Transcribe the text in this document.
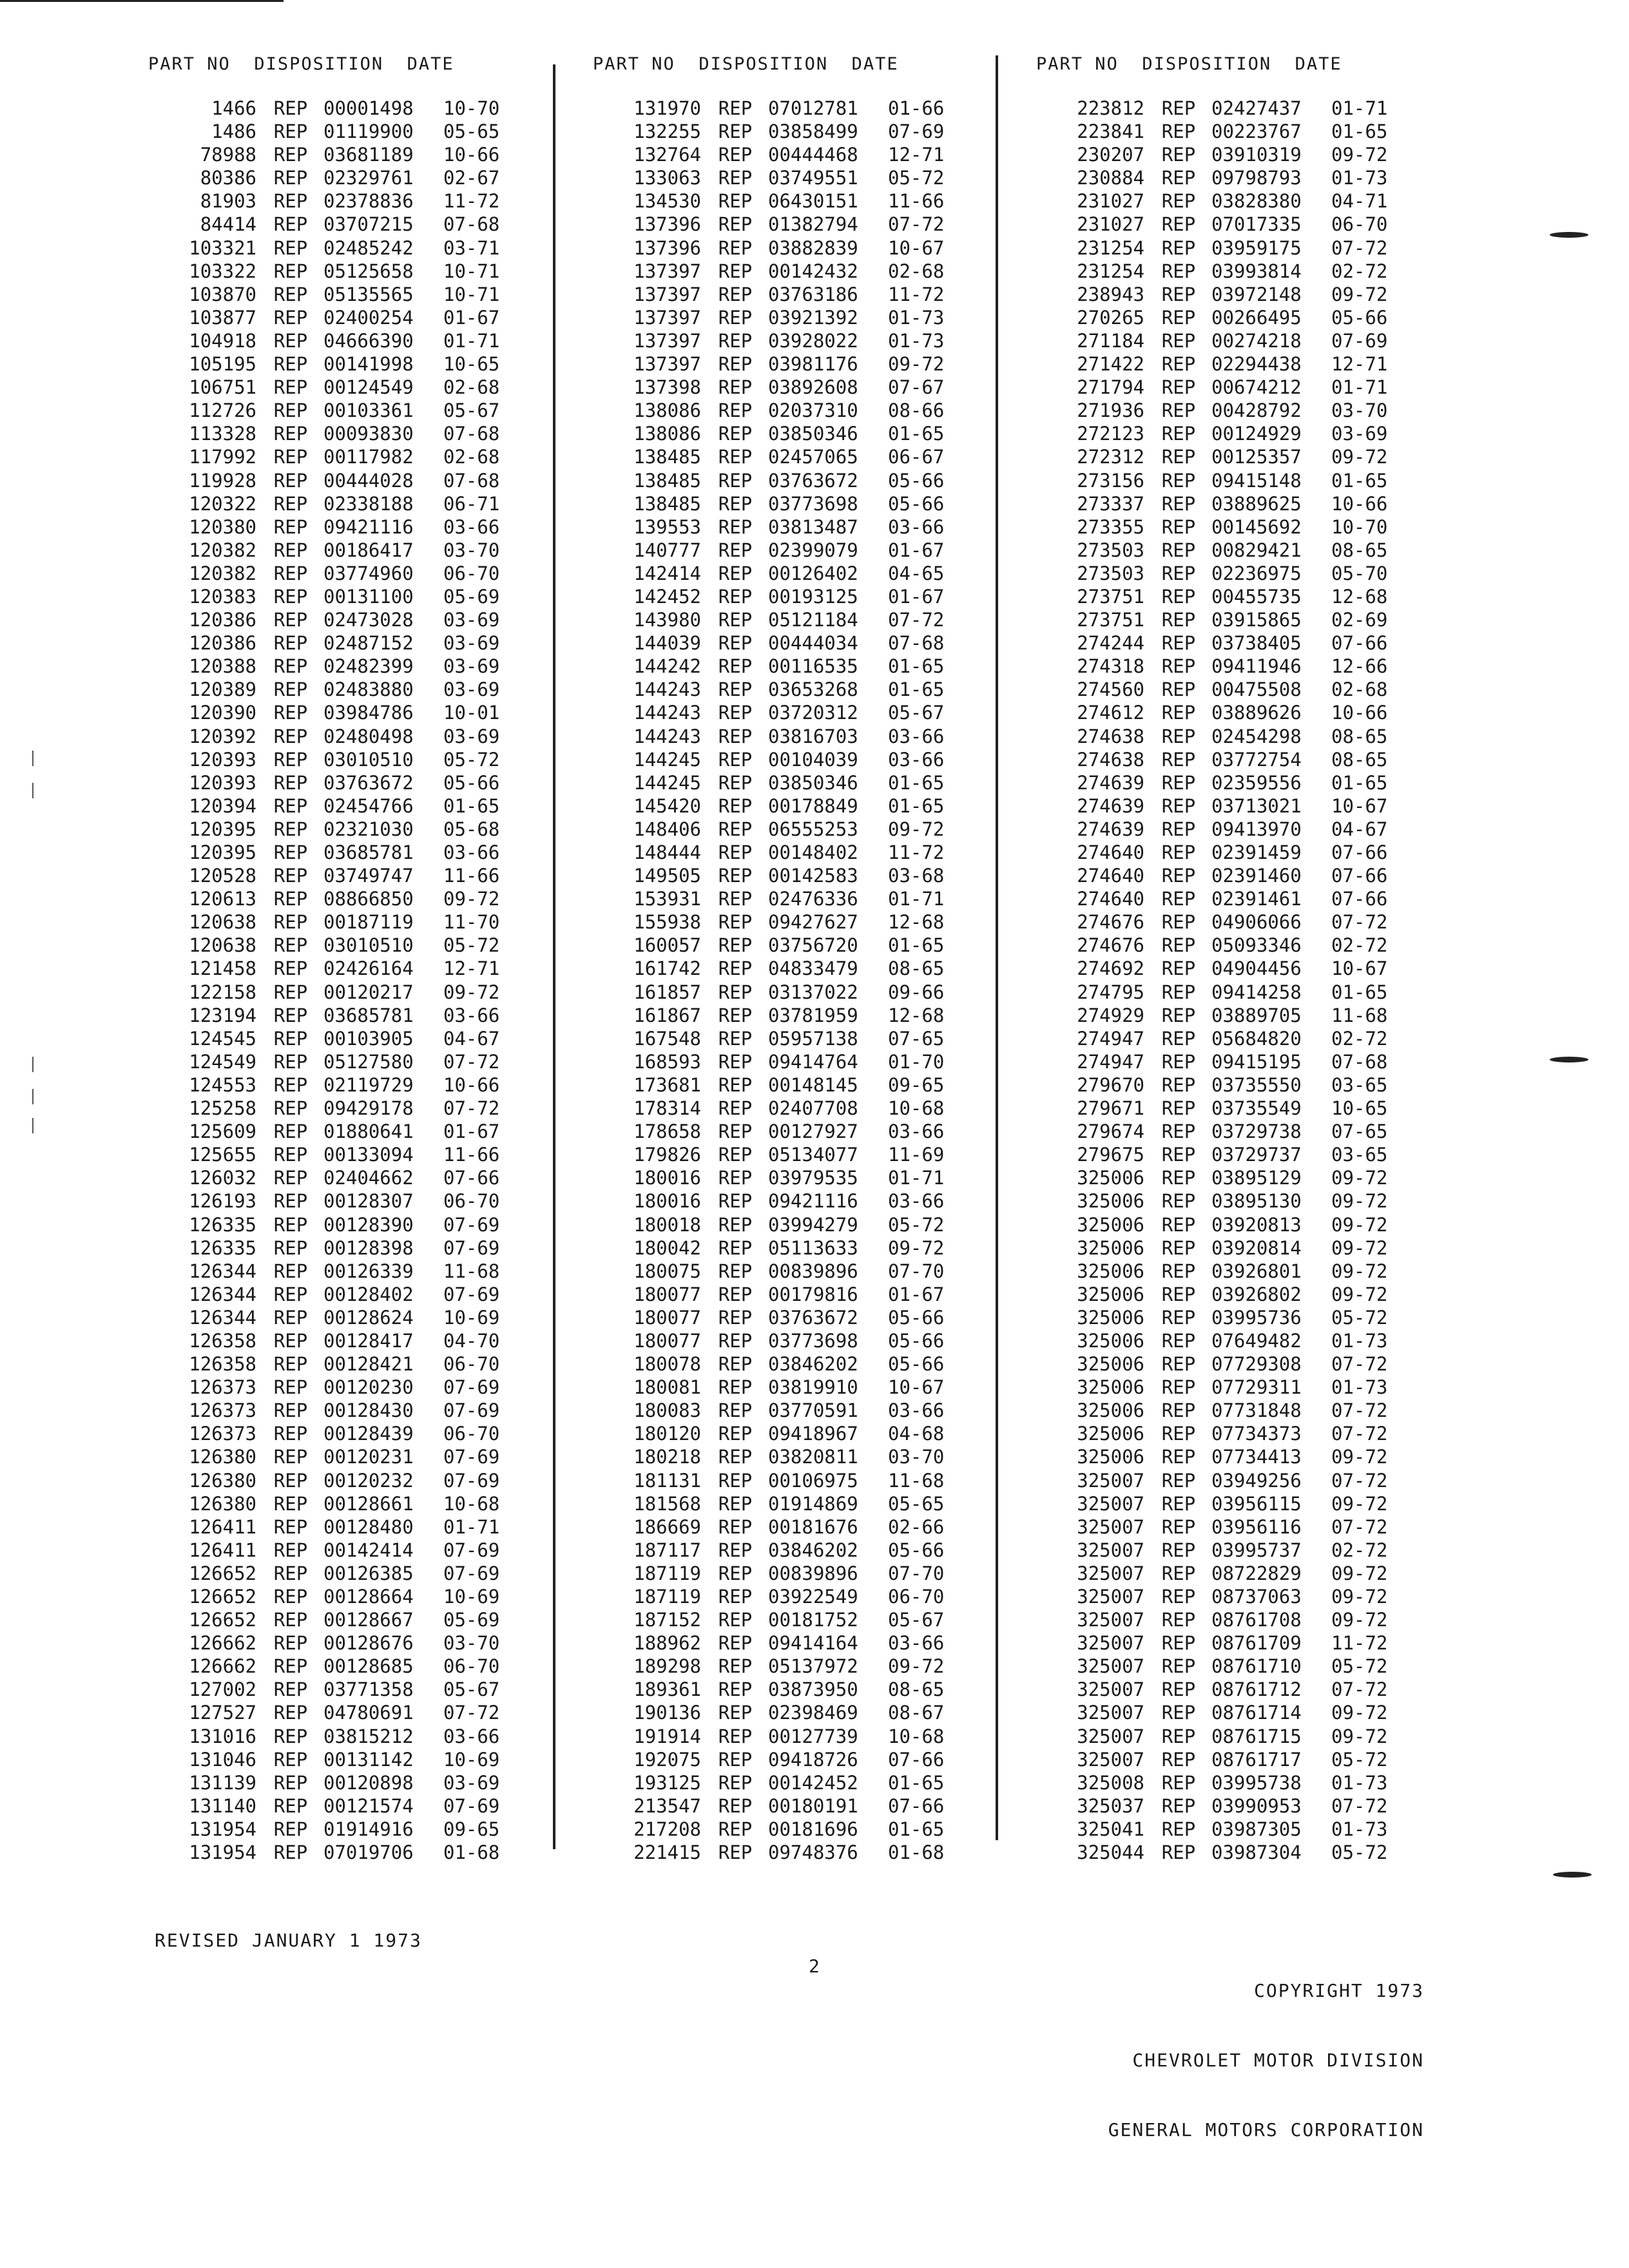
PART NO DISPOSITION DATE
1466 REP 00001498	10-70
1486 REP 01119900	05-65
78988 REP 03681189	10-66
80386 REP 02329761	02-67
81903 REP 02378836	11-72
84414 REP 03707215	07-68
103321 REP 02485242	03-71
103322 REP 05125658	10-71
103870 REP 05135565	10-71
103877 REP 02400254	01-67
104918 REP 04666390	01-71
105195 REP 00141998	10-65
106751 REP 00124549	02-68
112726 REP 00103361	05-67
113328 REP 00093830	07-68
117992 REP 00117982	02-68
119928 REP 00444028	07-68
120322 REP 02338188	06-71
120380 REP 09421116	03-66
120382 REP 00186417	03-70
120382 REP 03774960	06-70
120383 REP 00131100	05-69
120386 REP 02473028	03-69
120386 REP 02487152	03-69
120388 REP 02482399	03-69
120389 REP 02483880	03-69
120390 REP 03984786	10-01
120392 REP 02480498	03-69
120393 REP 03010510	05-72
120393 REP 03763672	05-66
120394 REP 02454766	01-65
120395 REP 02321030	05-68
120395 REP 03685781	03-66
120528 REP 03749747	11-66
120613 REP 08866850	09-72
120638 REP 00187119	11-70
120638 REP 03010510	05-72
121458 REP 02426164	12-71
122158 REP 00120217	09-72
123194 REP 03685781	03-66
124545 REP 00103905	04-67
124549 REP 05127580	07-72
124553 REP 02119729	10-66
125258 REP 09429178	07-72
125609 REP 01880641	01-67
125655 REP 00133094	11-66
126032 REP 02404662	07-66
126193 REP 00128307	06-70
126335 REP 00128390	07-69
126335 REP 00128398	07-69
126344 REP 00126339	11-68
126344 REP 00128402	07-69
126344 REP 00128624	10-69
126358 REP 00128417	04-70
126358 REP 00128421	06-70
126373 REP 00120230	07-69
126373 REP 00128430	07-69
126373 REP 00128439	06-70
126380 REP 00120231	07-69
126380 REP 00120232	07-69
126380 REP 00128661	10-68
126411 REP 00128480	01-71
126411 REP 00142414	07-69
126652 REP 00126385	07-69
126652 REP 00128664	10-69
126652 REP 00128667	05-69
126662 REP 00128676	03-70
126662 REP 00128685	06-70
127002 REP 03771358	05-67
127527 REP 04780691	07-72
131016 REP 03815212	03-66
131046 REP 00131142	10-69
131139 REP 00120898	03-69
131140 REP 00121574	07-69
131954 REP 01914916	09-65
131954 REP 07019706	01-68
PART NO DISPOSITION DATE
131970 REP 07012781	01-66
132255 REP 03858499	07-69
132764 REP 00444468	12-71
133063 REP 03749551	05-72
134530 REP 06430151	11-66
137396 REP 01382794	07-72
137396 REP 03882839	10-67
137397 REP 00142432	02-68
137397 REP 03763186	11-72
137397 REP 03921392	01-73
137397 REP 03928022	01-73
137397 REP 03981176	09-72
137398 REP 03892608	07-67
138086 REP 02037310	08-66
138086 REP 03850346	01-65
138485 REP 02457065	06-67
138485 REP 03763672	05-66
138485 REP 03773698	05-66
139553 REP 03813487	03-66
140777 REP 02399079	01-67
142414 REP 00126402	04-65
142452 REP 00193125	01-67
143980 REP 05121184	07-72
144039 REP 00444034	07-68
144242 REP 00116535	01-65
144243 REP 03653268	01-65
144243 REP 03720312	05-67
144243 REP 03816703	03-66
144245 REP 00104039	03-66
144245 REP 03850346	01-65
145420 REP 00178849	01-65
148406 REP 06555253	09-72
148444 REP 00148402	11-72
149505 REP 00142583	03-68
153931 REP 02476336	01-71
155938 REP 09427627	12-68
160057 REP 03756720	01-65
161742 REP 04833479	08-65
161857 REP 03137022	09-66
161867 REP 03781959	12-68
167548 REP 05957138	07-65
168593 REP 09414764	01-70
173681 REP 00148145	09-65
178314 REP 02407708	10-68
178658 REP 00127927	03-66
179826 REP 05134077	11-69
180016 REP 03979535	01-71
180016 REP 09421116	03-66
180018 REP 03994279	05-72
180042 REP 05113633	09-72
180075 REP 00839896	07-70
180077 REP 00179816	01-67
180077 REP 03763672	05-66
180077 REP 03773698	05-66
180078 REP 03846202	05-66
180081 REP 03819910	10-67
180083 REP 03770591	03-66
180120 REP 09418967	04-68
180218 REP 03820811	03-70
181131 REP 00106975	11-68
181568 REP 01914869	05-65
186669 REP 00181676	02-66
187117 REP 03846202	05-66
187119 REP 00839896	07-70
187119 REP 03922549	06-70
187152 REP 00181752	05-67
188962 REP 09414164	03-66
189298 REP 05137972	09-72
189361 REP 03873950	08-65
190136 REP 02398469	08-67
191914 REP 00127739	10-68
192075 REP 09418726	07-66
193125 REP 00142452	01-65
213547 REP 00180191	07-66
217208 REP 00181696	01-65
221415 REP 09748376	01-68
PART NO DISPOSITION DATE
223812 REP 02427437	01-71
223841 REP 00223767	01-65
230207 REP 03910319	09-72
230884 REP 09798793	01-73
231027 REP 03828380	04-71
231027 REP 07017335	06-70
231254 REP 03959175	07-72
231254 REP 03993814	02-72
238943 REP 03972148	09-72
270265 REP 00266495	05-66
271184 REP 00274218	07-69
271422 REP 02294438	12-71
271794 REP 00674212	01-71
271936 REP 00428792	03-70
272123 REP 00124929	03-69
272312 REP 00125357	09-72
273156 REP 09415148	01-65
273337 REP 03889625	10-66
273355 REP 00145692	10-70
273503 REP 00829421	08-65
273503 REP 02236975	05-70
273751 REP 00455735	12-68
273751 REP 03915865	02-69
274244 REP 03738405	07-66
274318 REP 09411946	12-66
274560 REP 00475508	02-68
274612 REP 03889626	10-66
274638 REP 02454298	08-65
274638 REP 03772754	08-65
274639 REP 02359556	01-65
274639 REP 03713021	10-67
274639 REP 09413970	04-67
274640 REP 02391459	07-66
274640 REP 02391460	07-66
274640 REP 02391461	07-66
274676 REP 04906066	07-72
274676 REP 05093346	02-72
274692 REP 04904456	10-67
274795 REP 09414258	01-65
274929 REP 03889705	11-68
274947 REP 05684820	02-72
274947 REP 09415195	07-68
279670 REP 03735550	03-65
279671 REP 03735549	10-65
279674 REP 03729738	07-65
279675 REP 03729737	03-65
325006 REP 03895129	09-72
325006 REP 03895130	09-72
325006 REP 03920813	09-72
325006 REP 03920814	09-72
325006 REP 03926801	09-72
325006 REP 03926802	09-72
325006 REP 03995736	05-72
325006 REP 07649482	01-73
325006 REP 07729308	07-72
325006 REP 07729311	01-73
325006 REP 07731848	07-72
325006 REP 07734373	07-72
325006 REP 07734413	09-72
325007 REP 03949256	07-72
325007 REP 03956115	09-72
325007 REP 03956116	07-72
325007 REP 03995737	02-72
325007 REP 08722829	09-72
325007 REP 08737063	09-72
325007 REP 08761708	09-72
325007 REP 08761709	11-72
325007 REP 08761710	05-72
325007 REP 08761712	07-72
325007 REP 08761714	09-72
325007 REP 08761715	09-72
325007 REP 08761717	05-72
325008 REP 03995738	01-73
325037 REP 03990953	07-72
325041 REP 03987305	01-73
325044 REP 03987304	05-72
REVISED JANUARY 1 1973
2

COPYRIGHT 1973

CHEVROLET MOTOR DIVISION

GENERAL MOTORS CORPORATION
